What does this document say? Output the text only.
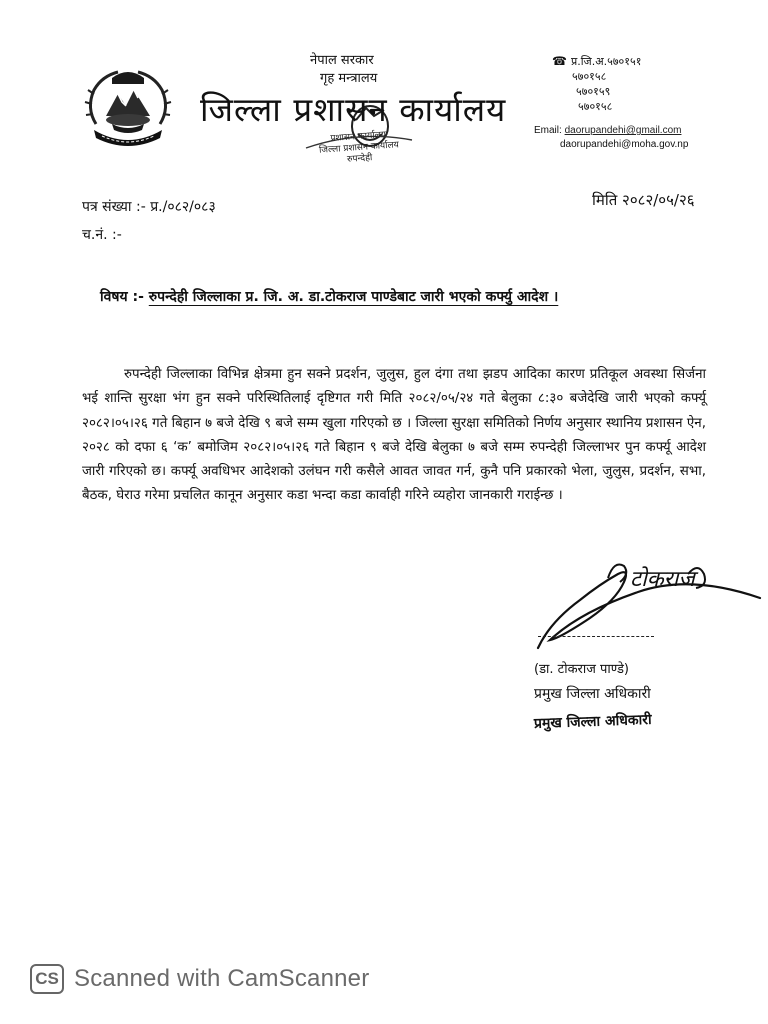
नेपाल सरकार
गृह मन्त्रालय
प्रशासन कार्यालय
जिल्ला प्रशासन कार्यालय
रुपन्देही
जिल्ला प्रशासन कार्यालय
☎ प्र.जि.अ.५७०१५१
५७०१५८
५७०१५९
५७०१५८
Email: daorupandehi@gmail.com
daorupandehi@moha.gov.np
पत्र संख्या :- प्र./०८२/०८३
च.नं. :-
मिति २०८२/०५/२६
विषय :- रुपन्देही जिल्लाका प्र. जि. अ. डा.टोकराज पाण्डेबाट जारी भएको कर्फ्यु आदेश ।

रुपन्देही जिल्लाका विभिन्न क्षेत्रमा हुन सक्ने प्रदर्शन, जुलुस, हुल दंगा तथा झडप आदिका कारण प्रतिकूल अवस्था सिर्जना भई शान्ति सुरक्षा भंग हुन सक्ने परिस्थितिलाई दृष्टिगत गरी मिति २०८२/०५/२४ गते बेलुका ८:३० बजेदेखि जारी भएको कर्फ्यू २०८२।०५।२६ गते बिहान ७ बजे देखि ९ बजे सम्म खुला गरिएको छ । जिल्ला सुरक्षा समितिको निर्णय अनुसार स्थानिय प्रशासन ऐन, २०२८ को दफा ६ ‘क’ बमोजिम २०८२।०५।२६ गते बिहान ९ बजे देखि बेलुका ७ बजे सम्म रुपन्देही जिल्लाभर पुन कर्फ्यू आदेश जारी गरिएको छ। कर्फ्यू अवधिभर आदेशको उलंघन गरी कसैले आवत जावत गर्न, कुनै पनि प्रकारको भेला, जुलुस, प्रदर्शन, सभा, बैठक, घेराउ गरेमा प्रचलित कानून अनुसार कडा भन्दा कडा कार्वाही गरिने व्यहोरा जानकारी गराईन्छ ।

टोकराज
(डा. टोकराज पाण्डे)
प्रमुख जिल्ला अधिकारी
प्रमुख जिल्ला अधिकारी
CS Scanned with CamScanner
